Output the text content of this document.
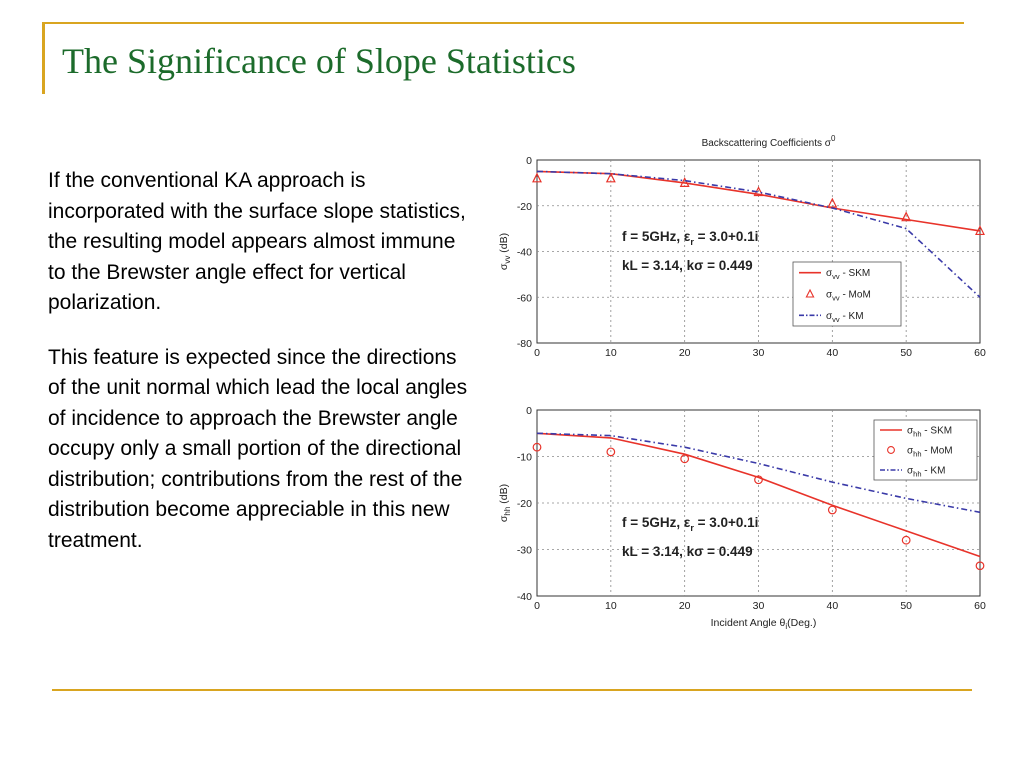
The Significance of Slope Statistics

If the conventional KA approach is incorporated with the surface slope statistics, the resulting model appears almost immune to the Brewster angle effect for vertical polarization.

This feature is expected since the directions of the unit normal which lead the local angles of incidence to approach the Brewster angle occupy only a small portion of the directional distribution; contributions from the rest of the distribution become appreciable in this new treatment.

0	10	20	30	40	50	60
0
-20
-40
-60
-80
Backscattering Coefficients $\sigma^0$
$\sigma_{vv}$ (dB)	f = 5GHz, $\varepsilon_r = 3.0+0.1i$
kL = 3.14, kσ = 0.449
$\sigma_{vv}$ - SKM
$\sigma_{vv}$ - MoM
$\sigma_{vv}$ - KM
0	10	20	30	40	50	60
0
-10
-20
-30
-40
$\sigma_{hh}$ (dB)
Incident Angle $\theta_i(Deg.)$
f = 5GHz, $\varepsilon_r = 3.0+0.1i$
kL = 3.14, kσ = 0.449
$\sigma_{hh}$ - SKM
$\sigma_{hh}$ - MoM
$\sigma_{hh}$ - KM
